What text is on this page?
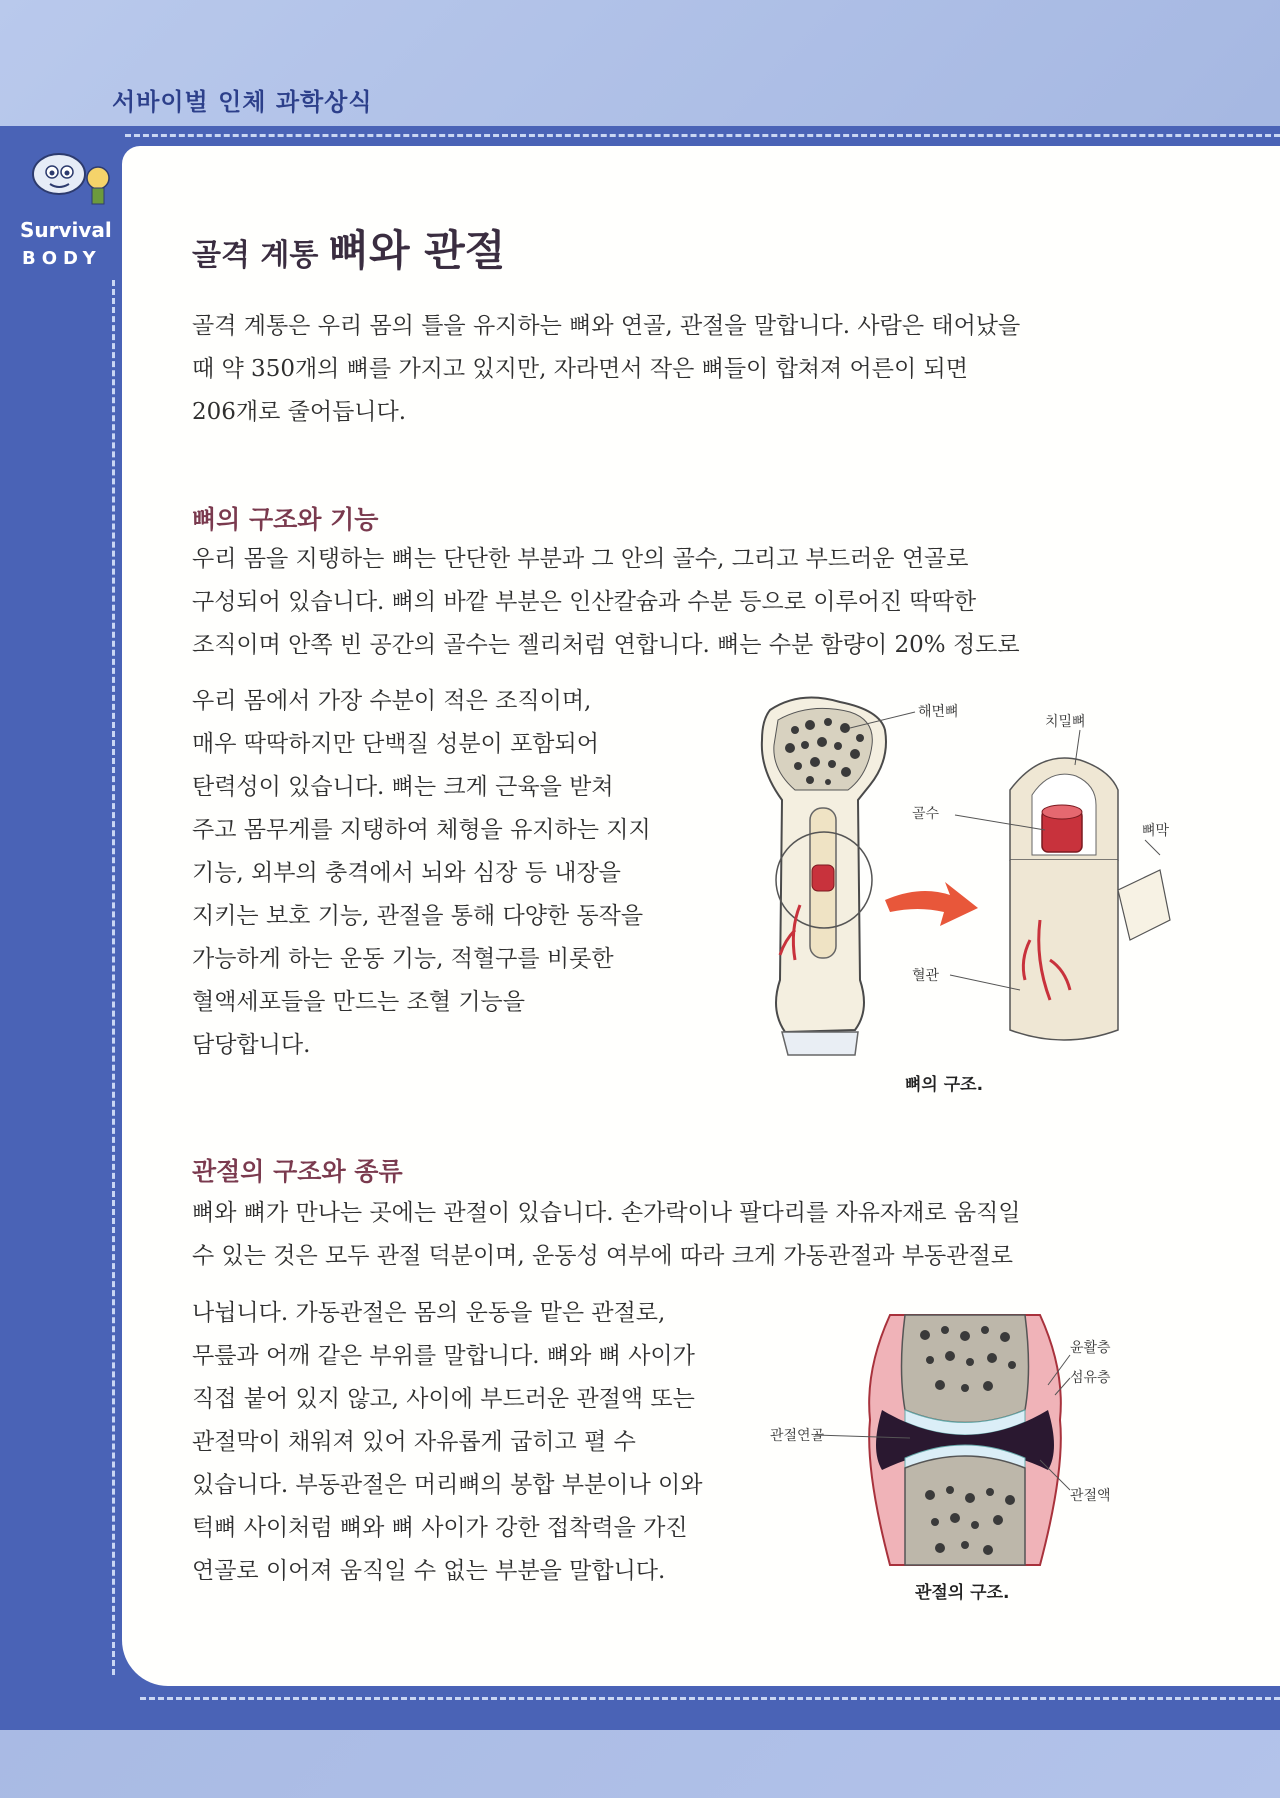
서바이벌 인체 과학상식
Survival
BODY	골격 계통 뼈와 관절
골격 계통은 우리 몸의 틀을 유지하는 뼈와 연골, 관절을 말합니다. 사람은 태어났을
때 약 350개의 뼈를 가지고 있지만, 자라면서 작은 뼈들이 합쳐져 어른이 되면
206개로 줄어듭니다.
뼈의 구조와 기능
우리 몸을 지탱하는 뼈는 단단한 부분과 그 안의 골수, 그리고 부드러운 연골로
구성되어 있습니다. 뼈의 바깥 부분은 인산칼슘과 수분 등으로 이루어진 딱딱한
조직이며 안쪽 빈 공간의 골수는 젤리처럼 연합니다. 뼈는 수분 함량이 20% 정도로
우리 몸에서 가장 수분이 적은 조직이며,
매우 딱딱하지만 단백질 성분이 포함되어
탄력성이 있습니다. 뼈는 크게 근육을 받쳐
주고 몸무게를 지탱하여 체형을 유지하는 지지
기능, 외부의 충격에서 뇌와 심장 등 내장을
지키는 보호 기능, 관절을 통해 다양한 동작을
가능하게 하는 운동 기능, 적혈구를 비롯한
혈액세포들을 만드는 조혈 기능을
담당합니다.
해면뼈
치밀뼈
골수
뼈막
혈관
뼈의 구조.
관절의 구조와 종류
뼈와 뼈가 만나는 곳에는 관절이 있습니다. 손가락이나 팔다리를 자유자재로 움직일
수 있는 것은 모두 관절 덕분이며, 운동성 여부에 따라 크게 가동관절과 부동관절로
나뉩니다. 가동관절은 몸의 운동을 맡은 관절로,
무릎과 어깨 같은 부위를 말합니다. 뼈와 뼈 사이가
직접 붙어 있지 않고, 사이에 부드러운 관절액 또는
관절막이 채워져 있어 자유롭게 굽히고 펼 수
있습니다. 부동관절은 머리뼈의 봉합 부분이나 이와
턱뼈 사이처럼 뼈와 뼈 사이가 강한 접착력을 가진
연골로 이어져 움직일 수 없는 부분을 말합니다.
윤활층
섬유층
관절연골
관절액
관절의 구조.
